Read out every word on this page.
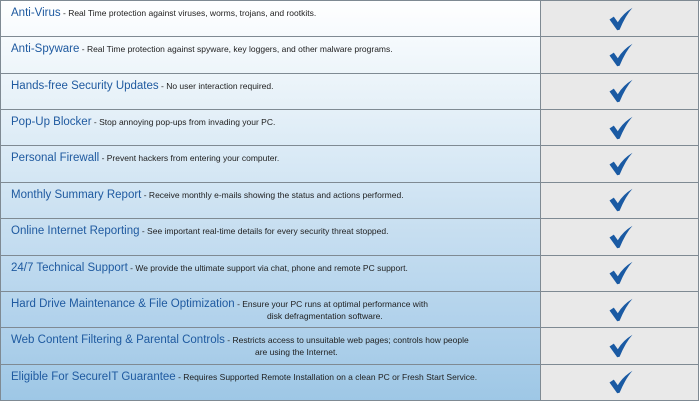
Anti-Virus - Real Time protection against viruses, worms, trojans, and rootkits.
Anti-Spyware - Real Time protection against spyware, key loggers, and other malware programs.
Hands-free Security Updates - No user interaction required.
Pop-Up Blocker - Stop annoying pop-ups from invading your PC.
Personal Firewall - Prevent hackers from entering your computer.
Monthly Summary Report - Receive monthly e-mails showing the status and actions performed.
Online Internet Reporting - See important real-time details for every security threat stopped.
24/7 Technical Support - We provide the ultimate support via chat, phone and remote PC support.
Hard Drive Maintenance & File Optimization - Ensure your PC runs at optimal performance with
disk defragmentation software.
Web Content Filtering & Parental Controls - Restricts access to unsuitable web pages; controls how people
are using the Internet.
Eligible For SecureIT Guarantee - Requires Supported Remote Installation on a clean PC or Fresh Start Service.
